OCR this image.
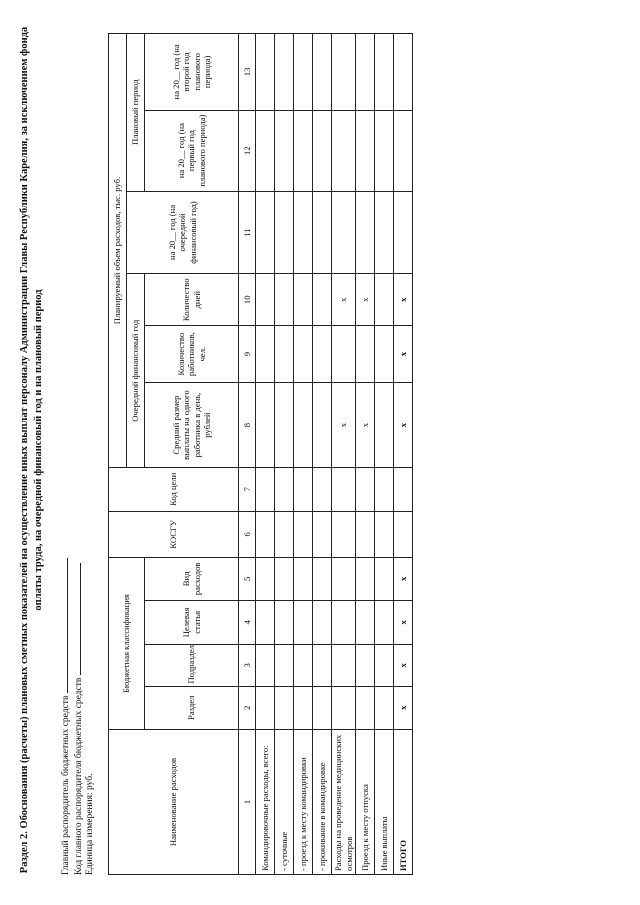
Раздел 2. Обоснования (расчеты) плановых сметных показателей на осуществление иных выплат персоналу Администрации Главы Республики Карелия, за исключением фонда оплаты труда, на очередной финансовый год и на плановый период
Главный распорядитель бюджетных средств Код главного распорядителя бюджетных средств Единица измерения: руб.	Наименование расходов	Бюджетная классификация				КОСГУ	Код цели	Планируемый объем расходов, тыс. руб.					
							Очередной финансовый год			на 20__ год (на очередной финансовый год)	Плановый период	
	Раздел	Подраздел	Целевая статья	Вид расходов			Средний размер выплаты на одного работника в день, рублей	Количество работников, чел.	Количество дней		на 20__ год (на первый год планового периода)	на 20__ год (на второй год планового периода)

1	2	3	4	5	6	7	8	9	10	11	12	13
Командировочные расходы, всего:												
- суточные												
- проезд к месту командировки												
- проживание в командировке												
Расходы на проведение медицинских осмотров							x		x			
Проезд к месту отпуска							x		x			
Иные выплаты												
ИТОГО	x	x	x	x			x	x	x			
